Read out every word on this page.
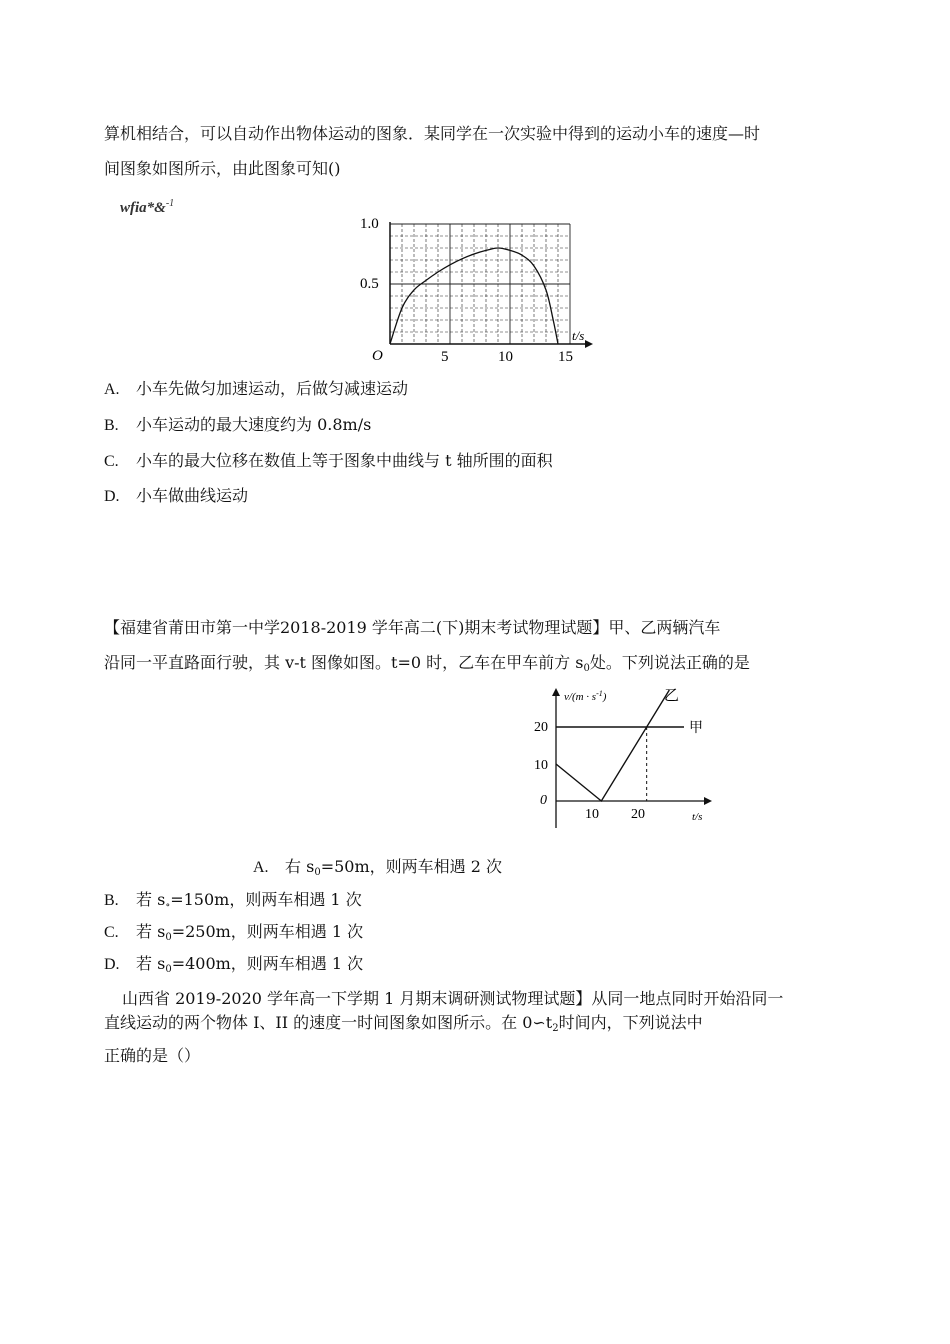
算机相结合，可以自动作出物体运动的图象．某同学在一次实验中得到的运动小车的速度—时
间图象如图所示，由此图象可知()
wfia*&$^{-1}$
1.0
0.5
O	5	10	15
t/s
A. 小车先做匀加速运动，后做匀减速运动
B. 小车运动的最大速度约为 0.8m/s
C. 小车的最大位移在数值上等于图象中曲线与 t 轴所围的面积
D. 小车做曲线运动
【福建省莆田市第一中学2018-2019 学年高二(下)期末考试物理试题】甲、乙两辆汽车
沿同一平直路面行驶，其 v-t 图像如图。t=0 时，乙车在甲车前方 $s_0$处。下列说法正确的是
$v/(m \cdot s^{-1})$	乙
甲
20
10
0
10 20	t/s
A. 右 $s_0=50m$，则两车相遇 2 次
B. 若 $s_\circ=150m$，则两车相遇 1 次
C. 若 $s_0=250m$，则两车相遇 1 次
D. 若 $s_0=400m$，则两车相遇 1 次
山西省 2019-2020 学年高一下学期 1 月期末调研测试物理试题】从同一地点同时开始沿同一
直线运动的两个物体 I、II 的速度一时间图象如图所示。在 $0∽t_2$时间内，下列说法中
正确的是（）
